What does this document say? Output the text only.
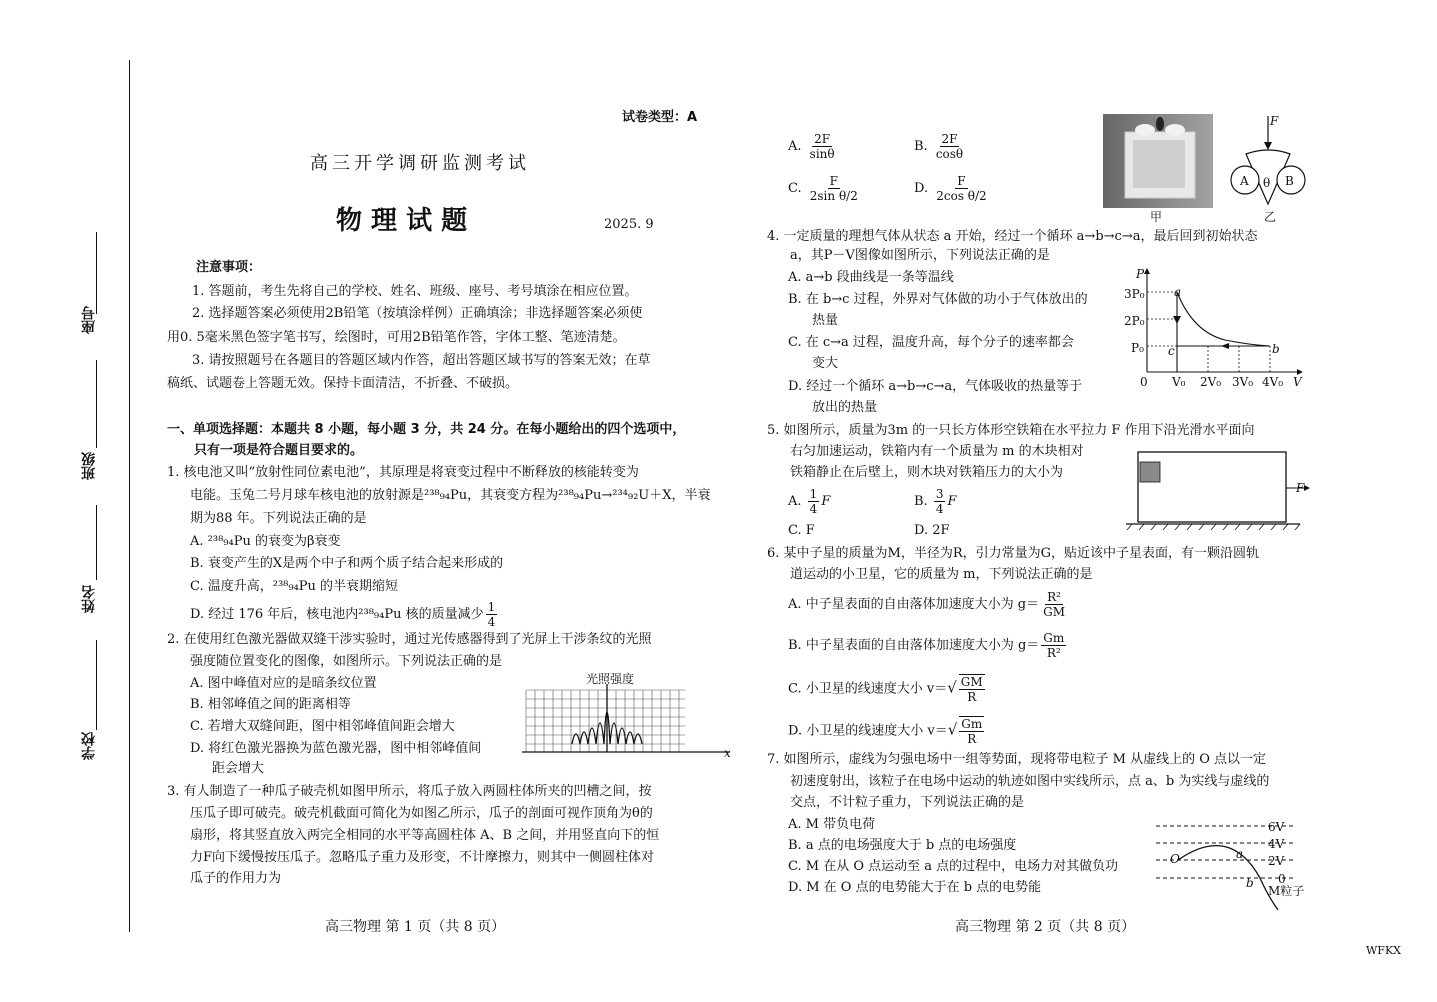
座号
班级
姓名
学校
试卷类型：A
高三开学调研监测考试
物 理 试 题	2025. 9
注意事项：
1. 答题前，考生先将自己的学校、姓名、班级、座号、考号填涂在相应位置。
2. 选择题答案必须使用2B铅笔（按填涂样例）正确填涂；非选择题答案必须使
用0. 5毫米黑色签字笔书写，绘图时，可用2B铅笔作答，字体工整、笔迹清楚。
3. 请按照题号在各题目的答题区域内作答，超出答题区域书写的答案无效；在草
稿纸、试题卷上答题无效。保持卡面清洁，不折叠、不破损。
一、单项选择题：本题共 8 小题，每小题 3 分，共 24 分。在每小题给出的四个选项中，
只有一项是符合题目要求的。
1. 核电池又叫“放射性同位素电池”，其原理是将衰变过程中不断释放的核能转变为
电能。玉兔二号月球车核电池的放射源是²³⁸₉₄Pu，其衰变方程为²³⁸₉₄Pu→²³⁴₉₂U＋X，半衰
期为88 年。下列说法正确的是
A. ²³⁸₉₄Pu 的衰变为β衰变
B. 衰变产生的X是两个中子和两个质子结合起来形成的
C. 温度升高，²³⁸₉₄Pu 的半衰期缩短
D. 经过 176 年后，核电池内²³⁸₉₄Pu 核的质量减少 $\frac{1}{4}$
2. 在使用红色激光器做双缝干涉实验时，通过光传感器得到了光屏上干涉条纹的光照
强度随位置变化的图像，如图所示。下列说法正确的是
A. 图中峰值对应的是暗条纹位置
B. 相邻峰值之间的距离相等
C. 若增大双缝间距，图中相邻峰值间距会增大
D. 将红色激光器换为蓝色激光器，图中相邻峰值间
距会增大
光照强度
x
3. 有人制造了一种瓜子破壳机如图甲所示，将瓜子放入两圆柱体所夹的凹槽之间，按
压瓜子即可破壳。破壳机截面可简化为如图乙所示，瓜子的剖面可视作顶角为θ的
扇形，将其竖直放入两完全相同的水平等高圆柱体 A、B 之间，并用竖直向下的恒
力F向下缓慢按压瓜子。忽略瓜子重力及形变，不计摩擦力，则其中一侧圆柱体对
瓜子的作用力为
高三物理 第 1 页（共 8 页）
A. $\frac{2F}{\sin\theta}$	B. $\frac{2F}{\cos\theta}$
C. $\frac{F}{\text{2sin θ/2}}$	D. $\frac{F}{\text{2cos θ/2}}$
甲
F
A	B
θ
乙
4. 一定质量的理想气体从状态 a 开始，经过一个循环 a→b→c→a，最后回到初始状态
a，其P－V图像如图所示，下列说法正确的是
A. a→b 段曲线是一条等温线
B. 在 b→c 过程，外界对气体做的功小于气体放出的
热量
C. 在 c→a 过程，温度升高，每个分子的速率都会
变大
D. 经过一个循环 a→b→c→a，气体吸收的热量等于
放出的热量
P
3P₀
2P₀
P₀
0 V₀ 2V₀ 3V₀ 4V₀ V
a
b
c
5. 如图所示，质量为3m 的一只长方体形空铁箱在水平拉力 F 作用下沿光滑水平面向
右匀加速运动，铁箱内有一个质量为 m 的木块相对
铁箱静止在后壁上，则木块对铁箱压力的大小为
A. $\frac{1}{4}$ F	B. $\frac{3}{4}$ F
C. F	D. 2F
F
6. 某中子星的质量为M，半径为R，引力常量为G，贴近该中子星表面，有一颗沿圆轨
道运动的小卫星，它的质量为 m，下列说法正确的是
A. 中子星表面的自由落体加速度大小为 $g= \frac{\text{R²}}{GM}$
B. 中子星表面的自由落体加速度大小为 $g= \frac{Gm}{\text{R²}}$
C. 小卫星的线速度大小 $v=√ \frac{GM}{R}$
D. 小卫星的线速度大小 $v=√ \frac{Gm}{R}$
7. 如图所示，虚线为匀强电场中一组等势面，现将带电粒子 M 从虚线上的 O 点以一定
初速度射出，该粒子在电场中运动的轨迹如图中实线所示，点 a、b 为实线与虚线的
交点，不计粒子重力，下列说法正确的是
A. M 带负电荷
B. a 点的电场强度大于 b 点的电场强度
C. M 在从 O 点运动至 a 点的过程中，电场力对其做负功
D. M 在 O 点的电势能大于在 b 点的电势能
6V
4V
2V
0
O	a
b
M粒子
高三物理 第 2 页（共 8 页）
WFKX
